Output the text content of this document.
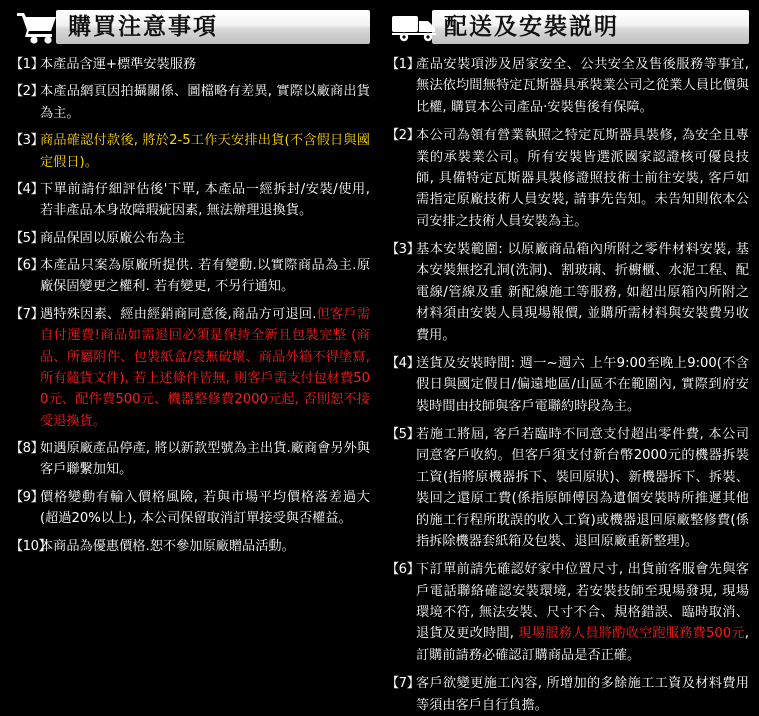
購買注意事項
【1】
本產品含運+標準安裝服務
【2】
本產品網頁因拍攝關係、圖檔略有差異, 實際以廠商出貨為主。
【3】
商品確認付款後, 將於2-5工作天安排出貨(不含假日與國定假日)。
【4】
下單前請仔細評估後'下單, 本產品一經拆封/安裝/使用, 若非產品本身故障瑕疵因素, 無法辦理退換貨。
【5】
商品保固以原廠公布為主
【6】
本產品只案為原廠所提供. 若有變動.以實際商品為主.原廠保固變更之權利. 若有變更, 不另行通知。
【7】
遇特殊因素、經由經銷商同意後,商品方可退回.但客戶需自付運費!商品如需退回必須是保持全新且包裝完整 (商品、所屬附件、包裝紙盒/袋無破壞、商品外箱不得塗寫, 所有隨貨文件), 若上述條件皆無, 則客戶需支付包材費500元、配件費500元、機器整修費2000元起, 否則恕不接受退換貨。
【8】
如遇原廠產品停產, 將以新款型號為主出貨.廠商會另外與客戶聯繫加知。
【9】
價格變動有輸入價格風險, 若與市場平均價格落差過大(超過20%以上), 本公司保留取消訂單接受與否權益。
【10】
本商品為優惠價格.恕不參加原廠贈品活動。
配送及安裝説明
【1】
產品安裝項涉及居家安全、公共安全及售後服務等事宜, 無法依均間無特定瓦斯器具承裝業公司之從業人員比價與比權, 購買本公司產品‧安裝售後有保障。
【2】
本公司為領有營業執照之特定瓦斯器具裝修, 為安全且專業的承裝業公司。所有安裝皆選派國家認證核可優良技師, 具備特定瓦斯器具裝修證照技術士前往安裝, 客戶如需指定原廠技術人員安裝, 請事先告知。未告知則依本公司安排之技術人員安裝為主。
【3】
基本安裝範圍: 以原廠商品箱內所附之零件材料安裝, 基本安裝無挖孔洞(洗洞)、割玻璃、折櫥櫃、水泥工程、配電線/管線及重 新配線施工等服務, 如超出原箱內所附之材料須由安裝人員現場報價, 並購所需材料與安裝費另收費用。
【4】
送貨及安裝時間: 週一~週六 上午9:00至晚上9:00(不含假日與國定假日/偏遠地區/山區不在範圍內, 實際到府安裝時間由技師與客戶電聯約時段為主。
【5】
若施工將屆, 客戶若臨時不同意支付超出零件費, 本公司同意客戶收約。但客戶須支付新台幣2000元的機器拆裝工資(指將原機器拆下、裝回原狀)、新機器拆下、拆裝、裝回之還原工費(係指原師傅因為遺個安裝時所推遲其他的施工行程所耽誤的收入工資)或機器退回原廠整修費(係指拆除機器套紙箱及包裝、退回原廠重新整理)。
【6】
下訂單前請先確認好家中位置尺寸, 出貨前客服會先與客戶電話聯絡確認安裝環境, 若安裝技師至現場發現, 現場環境不符, 無法安裝、尺寸不合、規格錯誤、臨時取消、退貨及更改時間, 現場服務人員將酌收空跑服務費500元, 訂購前請務必確認訂購商品是否正確。
【7】
客戶欲變更施工內容, 所增加的多餘施工工資及材料費用等須由客戶自行負擔。
